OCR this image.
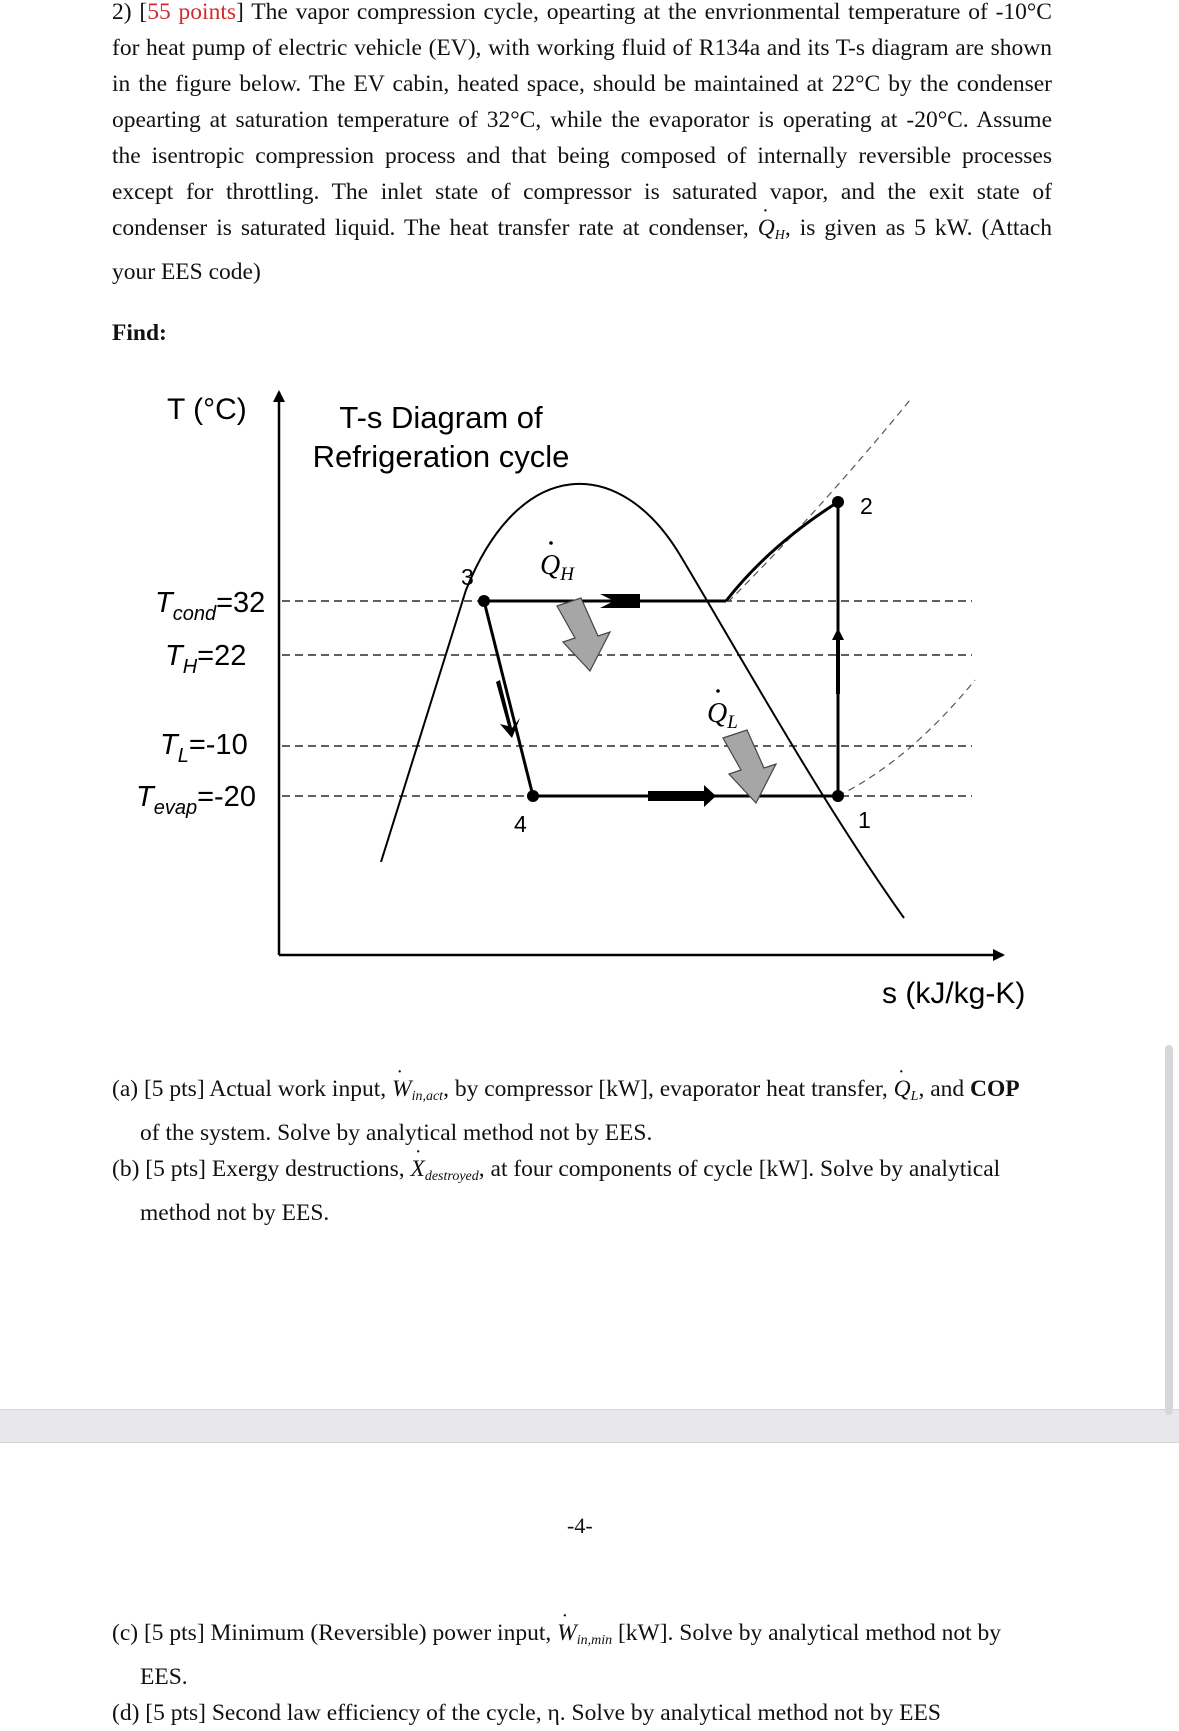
2) [55 points] The vapor compression cycle, opearting at the envrionmental temperature of -10°C
for heat pump of electric vehicle (EV), with working fluid of R134a and its T-s diagram are shown
in the figure below. The EV cabin, heated space, should be maintained at 22°C by the condenser
opearting at saturation temperature of 32°C, while the evaporator is operating at -20°C. Assume
the isentropic compression process and that being composed of internally reversible processes
except for throttling. The inlet state of compressor is saturated vapor, and the exit state of
condenser is saturated liquid. The heat transfer rate at condenser, ˙ $Q_H$, is given as 5 kW. (Attach
your EES code)
Find:
1
2
3
4
T (°C)
s (kJ/kg-K)
T-s Diagram of
Refrigeration cycle
$T_{cond}=32$
$T_H=22$
$T_L=-10$
$T_{evap}=-20$
$Q_H$
$Q_L$
(a) [5 pts] Actual work input, ˙ $W_{in,act}$, by compressor [kW], evaporator heat transfer, ˙ $Q_L$, and COP
of the system. Solve by analytical method not by EES.
(b) [5 pts] Exergy destructions, ˙ $X_{destroyed}$, at four components of cycle [kW]. Solve by analytical
method not by EES.
-4-
(c) [5 pts] Minimum (Reversible) power input, ˙ $W_{in,min}$ [kW]. Solve by analytical method not by
EES.
(d) [5 pts] Second law efficiency of the cycle, η. Solve by analytical method not by EES
